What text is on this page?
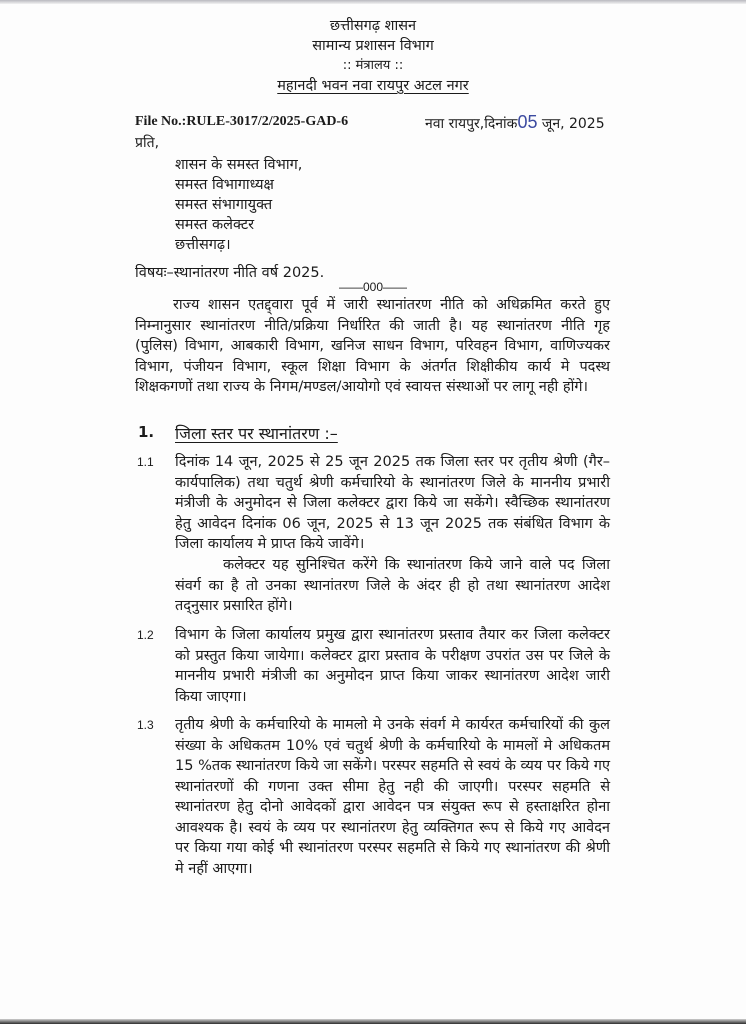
छत्तीसगढ़ शासन
सामान्य प्रशासन विभाग
:: मंत्रालय ::
महानदी भवन नवा रायपुर अटल नगर
File No.:RULE-3017/2/2025-GAD-6	नवा रायपुर,दिनांक05 जून, 2025
प्रति,
शासन के समस्त विभाग,
समस्त विभागाध्यक्ष
समस्त संभागायुक्त
समस्त कलेक्टर
छत्तीसगढ़।
विषयः–स्थानांतरण नीति वर्ष 2025.
——000——
राज्य शासन एतद्द्वारा पूर्व में जारी स्थानांतरण नीति को अधिक्रमित करते हुए निम्नानुसार स्थानांतरण नीति/प्रक्रिया निर्धारित की जाती है। यह स्थानांतरण नीति गृह (पुलिस) विभाग, आबकारी विभाग, खनिज साधन विभाग, परिवहन विभाग, वाणिज्यकर विभाग, पंजीयन विभाग, स्कूल शिक्षा विभाग के अंतर्गत शिक्षीकीय कार्य मे पदस्थ शिक्षकगणों तथा राज्य के निगम/मण्डल/आयोगो एवं स्वायत्त संस्थाओं पर लागू नही होंगे।
1. जिला स्तर पर स्थानांतरण :–
1.1 दिनांक 14 जून, 2025 से 25 जून 2025 तक जिला स्तर पर तृतीय श्रेणी (गैर–कार्यपालिक) तथा चतुर्थ श्रेणी कर्मचारियो के स्थानांतरण जिले के माननीय प्रभारी मंत्रीजी के अनुमोदन से जिला कलेक्टर द्वारा किये जा सकेंगे। स्वैच्छिक स्थानांतरण हेतु आवेदन दिनांक 06 जून, 2025 से 13 जून 2025 तक संबंधित विभाग के जिला कार्यालय मे प्राप्त किये जावेंगे।
कलेक्टर यह सुनिश्चित करेंगे कि स्थानांतरण किये जाने वाले पद जिला संवर्ग का है तो उनका स्थानांतरण जिले के अंदर ही हो तथा स्थानांतरण आदेश तद्नुसार प्रसारित होंगे।
1.2 विभाग के जिला कार्यालय प्रमुख द्वारा स्थानांतरण प्रस्ताव तैयार कर जिला कलेक्टर को प्रस्तुत किया जायेगा। कलेक्टर द्वारा प्रस्ताव के परीक्षण उपरांत उस पर जिले के माननीय प्रभारी मंत्रीजी का अनुमोदन प्राप्त किया जाकर स्थानांतरण आदेश जारी किया जाएगा।
1.3 तृतीय श्रेणी के कर्मचारियो के मामलो मे उनके संवर्ग मे कार्यरत कर्मचारियों की कुल संख्या के अधिकतम 10% एवं चतुर्थ श्रेणी के कर्मचारियो के मामलों मे अधिकतम 15 %तक स्थानांतरण किये जा सकेंगे। परस्पर सहमति से स्वयं के व्यय पर किये गए स्थानांतरणों की गणना उक्त सीमा हेतु नही की जाएगी। परस्पर सहमति से स्थानांतरण हेतु दोनो आवेदकों द्वारा आवेदन पत्र संयुक्त रूप से हस्ताक्षरित होना आवश्यक है। स्वयं के व्यय पर स्थानांतरण हेतु व्यक्तिगत रूप से किये गए आवेदन पर किया गया कोई भी स्थानांतरण परस्पर सहमति से किये गए स्थानांतरण की श्रेणी मे नहीं आएगा।
